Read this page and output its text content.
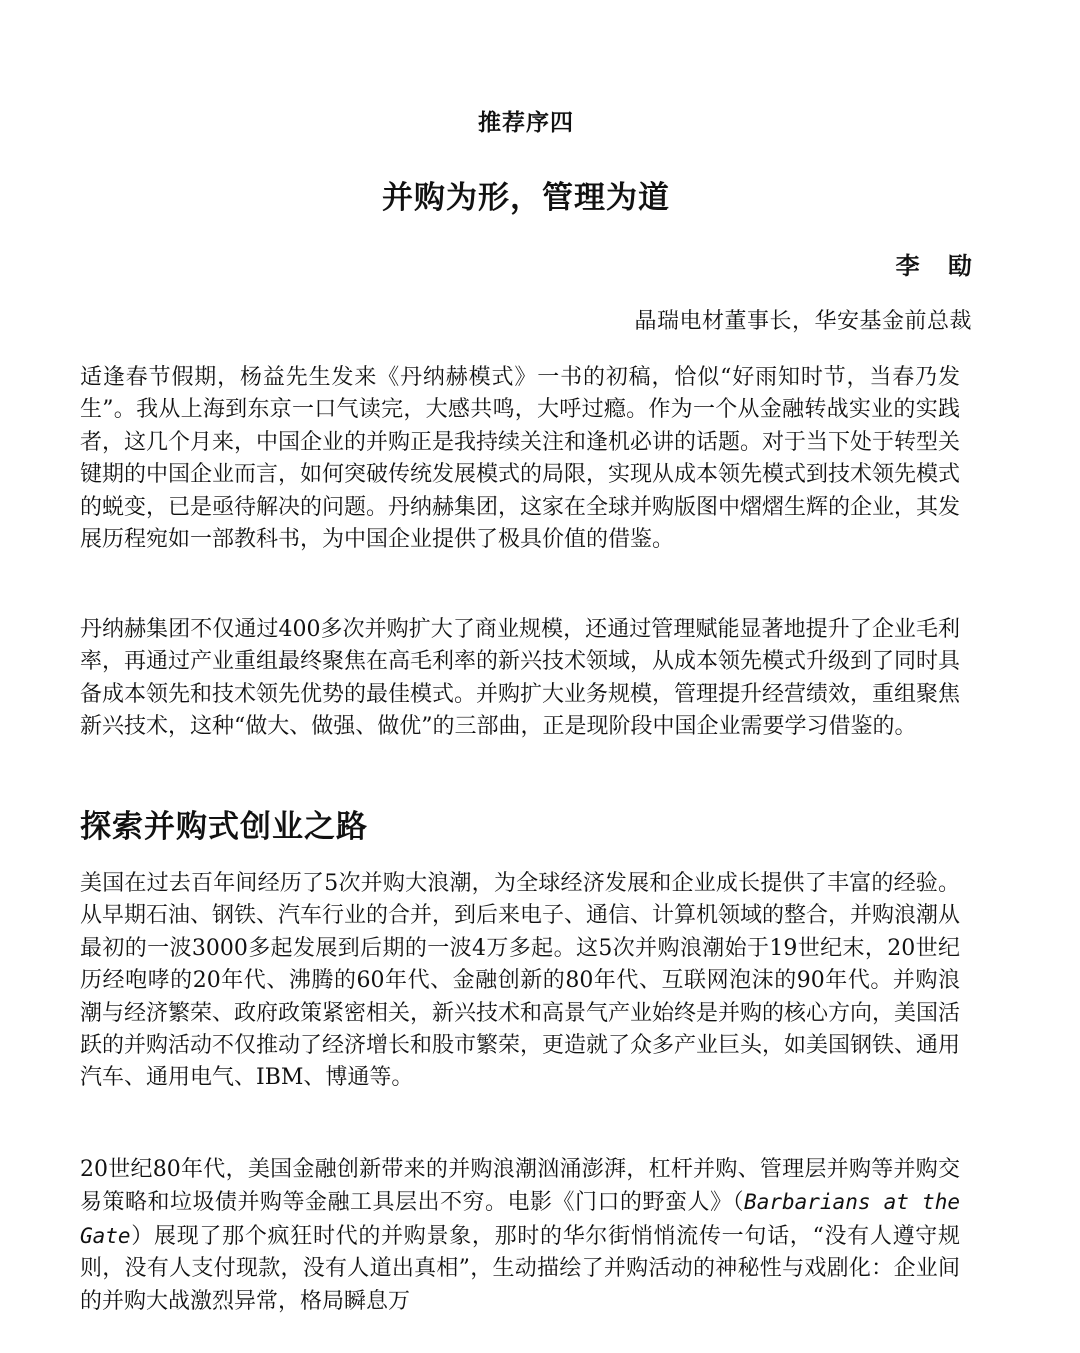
推荐序四
并购为形，管理为道
李 劻
晶瑞电材董事长，华安基金前总裁

适逢春节假期，杨益先生发来《丹纳赫模式》一书的初稿，恰似“好雨知时节，当春乃发生”。我从上海到东京一口气读完，大感共鸣，大呼过瘾。作为一个从金融转战实业的实践者，这几个月来，中国企业的并购正是我持续关注和逢机必讲的话题。对于当下处于转型关键期的中国企业而言，如何突破传统发展模式的局限，实现从成本领先模式到技术领先模式的蜕变，已是亟待解决的问题。丹纳赫集团，这家在全球并购版图中熠熠生辉的企业，其发展历程宛如一部教科书，为中国企业提供了极具价值的借鉴。

丹纳赫集团不仅通过400多次并购扩大了商业规模，还通过管理赋能显著地提升了企业毛利率，再通过产业重组最终聚焦在高毛利率的新兴技术领域，从成本领先模式升级到了同时具备成本领先和技术领先优势的最佳模式。并购扩大业务规模，管理提升经营绩效，重组聚焦新兴技术，这种“做大、做强、做优”的三部曲，正是现阶段中国企业需要学习借鉴的。

探索并购式创业之路

美国在过去百年间经历了5次并购大浪潮，为全球经济发展和企业成长提供了丰富的经验。从早期石油、钢铁、汽车行业的合并，到后来电子、通信、计算机领域的整合，并购浪潮从最初的一波3000多起发展到后期的一波4万多起。这5次并购浪潮始于19世纪末，20世纪历经咆哮的20年代、沸腾的60年代、金融创新的80年代、互联网泡沫的90年代。并购浪潮与经济繁荣、政府政策紧密相关，新兴技术和高景气产业始终是并购的核心方向，美国活跃的并购活动不仅推动了经济增长和股市繁荣，更造就了众多产业巨头，如美国钢铁、通用汽车、通用电气、IBM、博通等。

20世纪80年代，美国金融创新带来的并购浪潮汹涌澎湃，杠杆并购、管理层并购等并购交易策略和垃圾债并购等金融工具层出不穷。电影《门口的野蛮人》（Barbarians at the Gate）展现了那个疯狂时代的并购景象，那时的华尔街悄悄流传一句话，“没有人遵守规则，没有人支付现款，没有人道出真相”，生动描绘了并购活动的神秘性与戏剧化：企业间的并购大战激烈异常，格局瞬息万
